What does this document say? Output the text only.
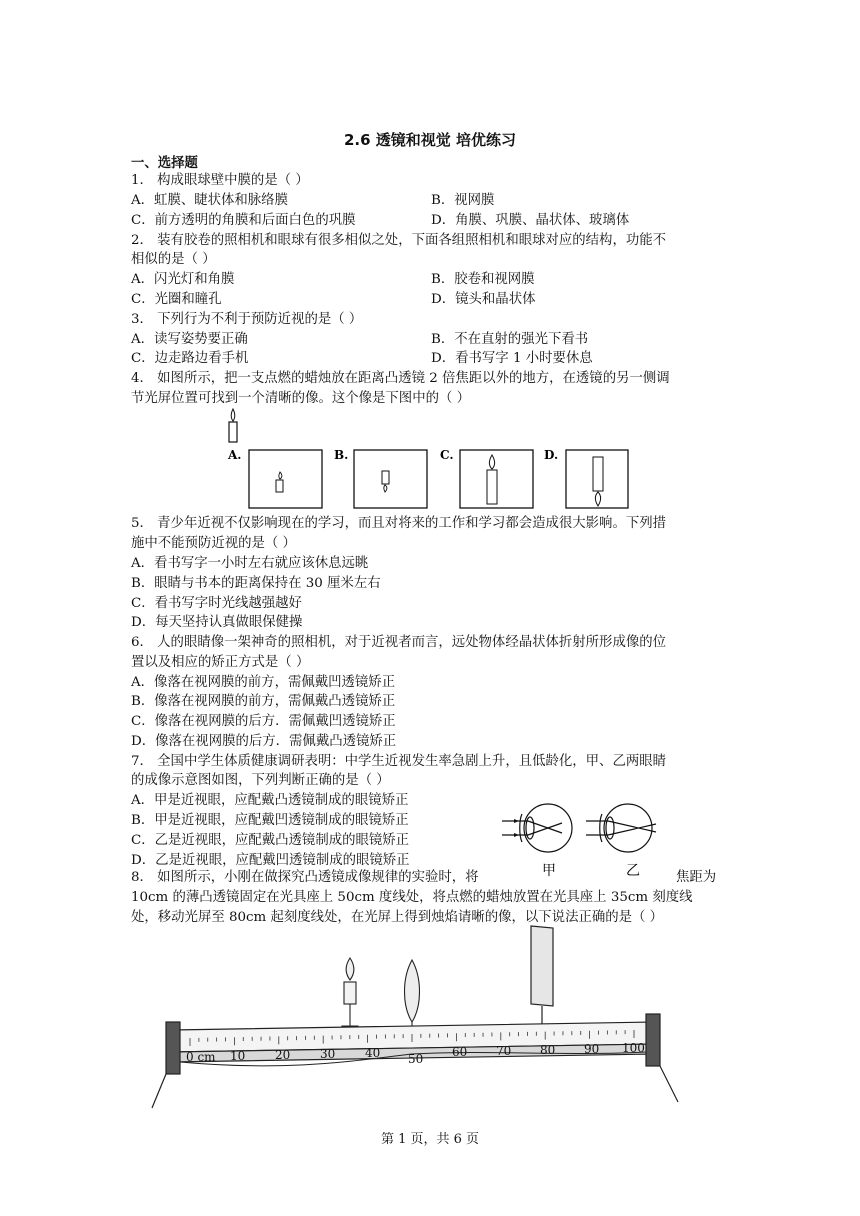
2.6 透镜和视觉 培优练习
一、选择题
1． 构成眼球壁中膜的是（ ）
A．虹膜、睫状体和脉络膜	B．视网膜
C．前方透明的角膜和后面白色的巩膜	D．角膜、巩膜、晶状体、玻璃体
2． 装有胶卷的照相机和眼球有很多相似之处，下面各组照相机和眼球对应的结构，功能不
相似的是（ ）
A．闪光灯和角膜	B．胶卷和视网膜
C．光圈和瞳孔	D．镜头和晶状体
3． 下列行为不利于预防近视的是（ ）
A．读写姿势要正确	B．不在直射的强光下看书
C．边走路边看手机	D．看书写字 1 小时要休息
4． 如图所示，把一支点燃的蜡烛放在距离凸透镜 2 倍焦距以外的地方，在透镜的另一侧调
节光屏位置可找到一个清晰的像。这个像是下图中的（ ）
A.	B.	C.	D.
5． 青少年近视不仅影响现在的学习，而且对将来的工作和学习都会造成很大影响。下列措
施中不能预防近视的是（ ）
A．看书写字一小时左右就应该休息远眺
B．眼睛与书本的距离保持在 30 厘米左右
C．看书写字时光线越强越好
D．每天坚持认真做眼保健操
6． 人的眼睛像一架神奇的照相机，对于近视者而言，远处物体经晶状体折射所形成像的位
置以及相应的矫正方式是（ ）
A．像落在视网膜的前方，需佩戴凹透镜矫正
B．像落在视网膜的前方，需佩戴凸透镜矫正
C．像落在视网膜的后方．需佩戴凹透镜矫正
D．像落在视网膜的后方．需佩戴凸透镜矫正
7． 全国中学生体质健康调研表明：中学生近视发生率急剧上升，且低龄化，甲、乙两眼睛
的成像示意图如图，下列判断正确的是（ ）
A．甲是近视眼，应配戴凸透镜制成的眼镜矫正
B．甲是近视眼，应配戴凹透镜制成的眼镜矫正
C．乙是近视眼，应配戴凸透镜制成的眼镜矫正
D．乙是近视眼，应配戴凹透镜制成的眼镜矫正
甲	乙
8． 如图所示，小刚在做探究凸透镜成像规律的实验时，将	焦距为
10cm 的薄凸透镜固定在光具座上 50cm 度线处，将点燃的蜡烛放置在光具座上 35cm 刻度线
处，移动光屏至 80cm 起刻度线处，在光屏上得到烛焰请晰的像，以下说法正确的是（ ）
0 cm 10 20 30 40 50 60 70 80 90 100
第 1 页，共 6 页
